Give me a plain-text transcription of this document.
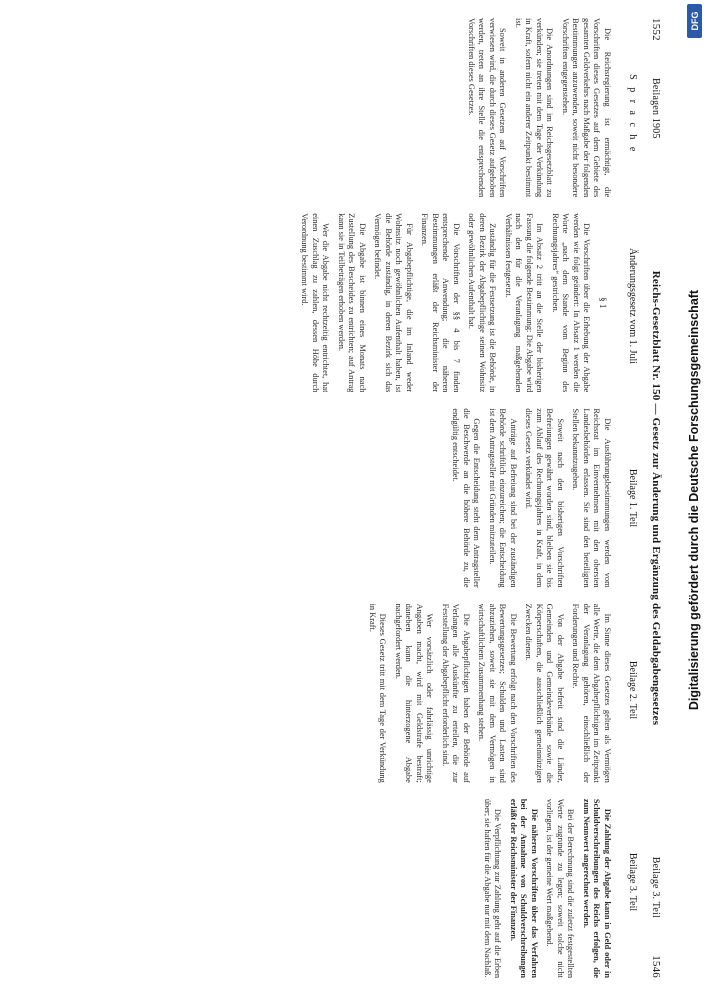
1552
Beilagen 1905
Reichs-Gesetzblatt Nr. 150 — Gesetz zur Änderung und Ergänzung des Geldabgabengesetzes
Beilage 3. Teil
1546
S p r a c h e
Änderungsgesetz vom 1. Juli
Beilage 1. Teil
Beilage 2. Teil
Beilage 3. Teil

Die Reichsregierung ist ermächtigt, die Vorschriften dieses Gesetzes auf dem Gebiete des gesamten Geldverkehrs nach Maßgabe der folgenden Bestimmungen anzuwenden, soweit nicht besondere Vorschriften entgegenstehen.

Die Anordnungen sind im Reichsgesetzblatt zu verkünden; sie treten mit dem Tage der Verkündung in Kraft, sofern nicht ein anderer Zeitpunkt bestimmt ist.

Soweit in anderen Gesetzen auf Vorschriften verwiesen wird, die durch dieses Gesetz aufgehoben werden, treten an ihre Stelle die entsprechenden Vorschriften dieses Gesetzes.

§ 1

Die Vorschriften über die Erhebung der Abgabe werden wie folgt geändert: In Absatz 1 werden die Worte „nach dem Stande vom Beginn des Rechnungsjahres“ gestrichen.

Im Absatz 2 tritt an die Stelle der bisherigen Fassung die folgende Bestimmung: Die Abgabe wird nach den für die Veranlagung maßgebenden Verhältnissen festgesetzt.

Zuständig für die Festsetzung ist die Behörde, in deren Bezirk der Abgabepflichtige seinen Wohnsitz oder gewöhnlichen Aufenthalt hat.

Die Vorschriften der §§ 4 bis 7 finden entsprechende Anwendung; die näheren Bestimmungen erläßt der Reichsminister der Finanzen.

Für Abgabepflichtige, die im Inland weder Wohnsitz noch gewöhnlichen Aufenthalt haben, ist die Behörde zuständig, in deren Bezirk sich das Vermögen befindet.

Die Abgabe ist binnen eines Monats nach Zustellung des Bescheides zu entrichten; auf Antrag kann sie in Teilbeträgen erhoben werden.

Wer die Abgabe nicht rechtzeitig entrichtet, hat einen Zuschlag zu zahlen, dessen Höhe durch Verordnung bestimmt wird.

Die Ausführungsbestimmungen werden vom Reichsrat im Einvernehmen mit den obersten Landesbehörden erlassen. Sie sind den beteiligten Stellen bekanntzugeben.

Soweit nach den bisherigen Vorschriften Befreiungen gewährt worden sind, bleiben sie bis zum Ablauf des Rechnungsjahres in Kraft, in dem dieses Gesetz verkündet wird.

Anträge auf Befreiung sind bei der zuständigen Behörde schriftlich einzureichen; die Entscheidung ist dem Antragsteller mit Gründen mitzuteilen.

Gegen die Entscheidung steht dem Antragsteller die Beschwerde an die höhere Behörde zu, die endgültig entscheidet.

Im Sinne dieses Gesetzes gelten als Vermögen alle Werte, die dem Abgabepflichtigen im Zeitpunkt der Veranlagung gehören, einschließlich der Forderungen und Rechte.

Von der Abgabe befreit sind die Länder, Gemeinden und Gemeindeverbände sowie die Körperschaften, die ausschließlich gemeinnützigen Zwecken dienen.

Die Bewertung erfolgt nach den Vorschriften des Bewertungsgesetzes; Schulden und Lasten sind abzuziehen, soweit sie mit dem Vermögen in wirtschaftlichem Zusammenhang stehen.

Die Abgabepflichtigen haben der Behörde auf Verlangen alle Auskünfte zu erteilen, die zur Feststellung der Abgabepflicht erforderlich sind.

Wer vorsätzlich oder fahrlässig unrichtige Angaben macht, wird mit Geldstrafe bestraft; daneben kann die hinterzogene Abgabe nachgefordert werden.

Dieses Gesetz tritt mit dem Tage der Verkündung in Kraft.

Die Zahlung der Abgabe kann in Geld oder in Schuldverschreibungen des Reichs erfolgen, die zum Nennwert angerechnet werden.

Bei der Berechnung sind die zuletzt festgestellten Werte zugrunde zu legen; soweit solche nicht vorliegen, ist der gemeine Wert maßgebend.

Die näheren Vorschriften über das Verfahren bei der Annahme von Schuldverschreibungen erläßt der Reichsminister der Finanzen.

Die Verpflichtung zur Zahlung geht auf die Erben über; sie haften für die Abgabe nur mit dem Nachlaß.

DFG
Digitalisierung gefördert durch die Deutsche Forschungsgemeinschaft
